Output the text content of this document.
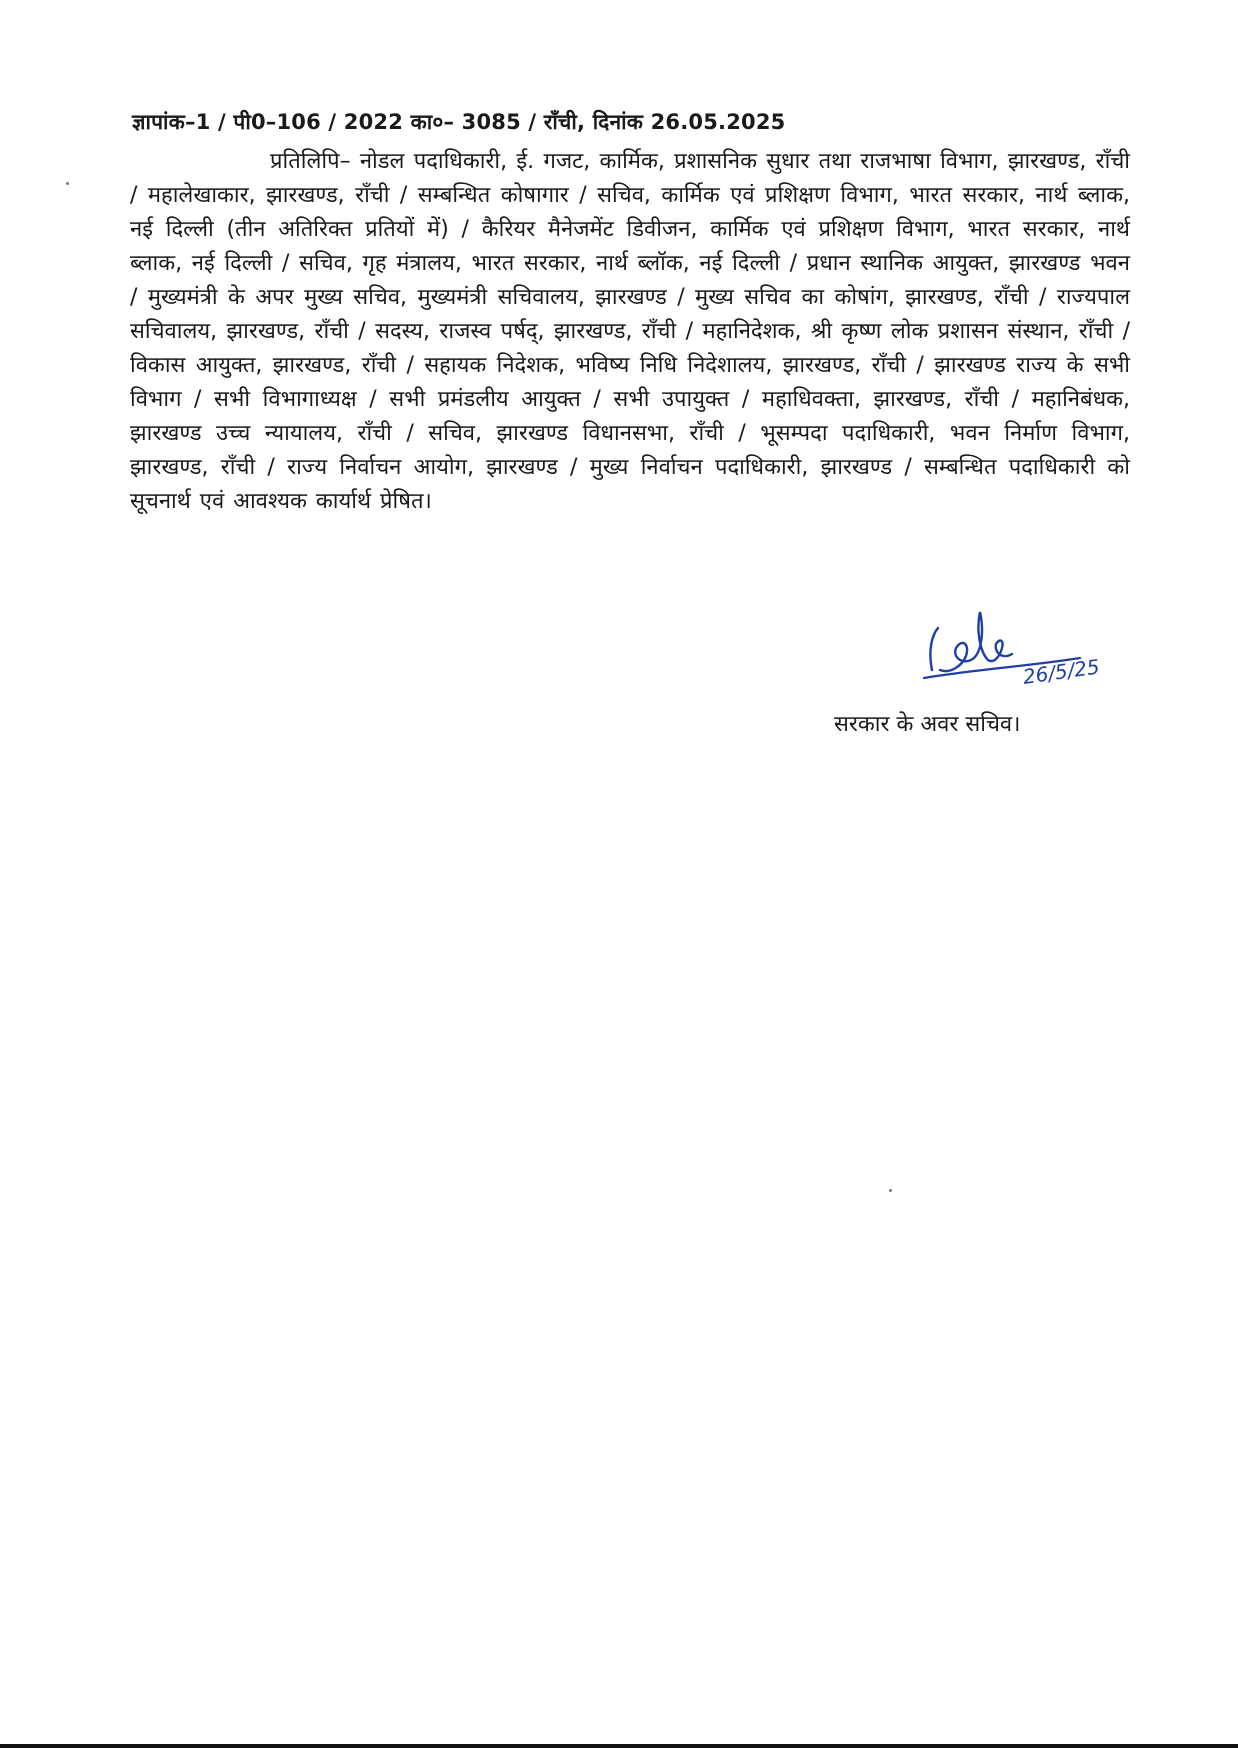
ज्ञापांक–1 / पी0–106 / 2022 का०– 3085 / राँची, दिनांक 26.05.2025
प्रतिलिपि– नोडल पदाधिकारी, ई. गजट, कार्मिक, प्रशासनिक सुधार तथा राजभाषा विभाग, झारखण्ड, राँची / महालेखाकार, झारखण्ड, राँची / सम्बन्धित कोषागार / सचिव, कार्मिक एवं प्रशिक्षण विभाग, भारत सरकार, नार्थ ब्लाक, नई दिल्ली (तीन अतिरिक्त प्रतियों में) / कैरियर मैनेजमेंट डिवीजन, कार्मिक एवं प्रशिक्षण विभाग, भारत सरकार, नार्थ ब्लाक, नई दिल्ली / सचिव, गृह मंत्रालय, भारत सरकार, नार्थ ब्लॉक, नई दिल्ली / प्रधान स्थानिक आयुक्त, झारखण्ड भवन / मुख्यमंत्री के अपर मुख्य सचिव, मुख्यमंत्री सचिवालय, झारखण्ड / मुख्य सचिव का कोषांग, झारखण्ड, राँची / राज्यपाल सचिवालय, झारखण्ड, राँची / सदस्य, राजस्व पर्षद्, झारखण्ड, राँची / महानिदेशक, श्री कृष्ण लोक प्रशासन संस्थान, राँची / विकास आयुक्त, झारखण्ड, राँची / सहायक निदेशक, भविष्य निधि निदेशालय, झारखण्ड, राँची / झारखण्ड राज्य के सभी विभाग / सभी विभागाध्यक्ष / सभी प्रमंडलीय आयुक्त / सभी उपायुक्त / महाधिवक्ता, झारखण्ड, राँची / महानिबंधक, झारखण्ड उच्च न्यायालय, राँची / सचिव, झारखण्ड विधानसभा, राँची / भूसम्पदा पदाधिकारी, भवन निर्माण विभाग, झारखण्ड, राँची / राज्य निर्वाचन आयोग, झारखण्ड / मुख्य निर्वाचन पदाधिकारी, झारखण्ड / सम्बन्धित पदाधिकारी को सूचनार्थ एवं आवश्यक कार्यार्थ प्रेषित।
26/5/25
सरकार के अवर सचिव।
